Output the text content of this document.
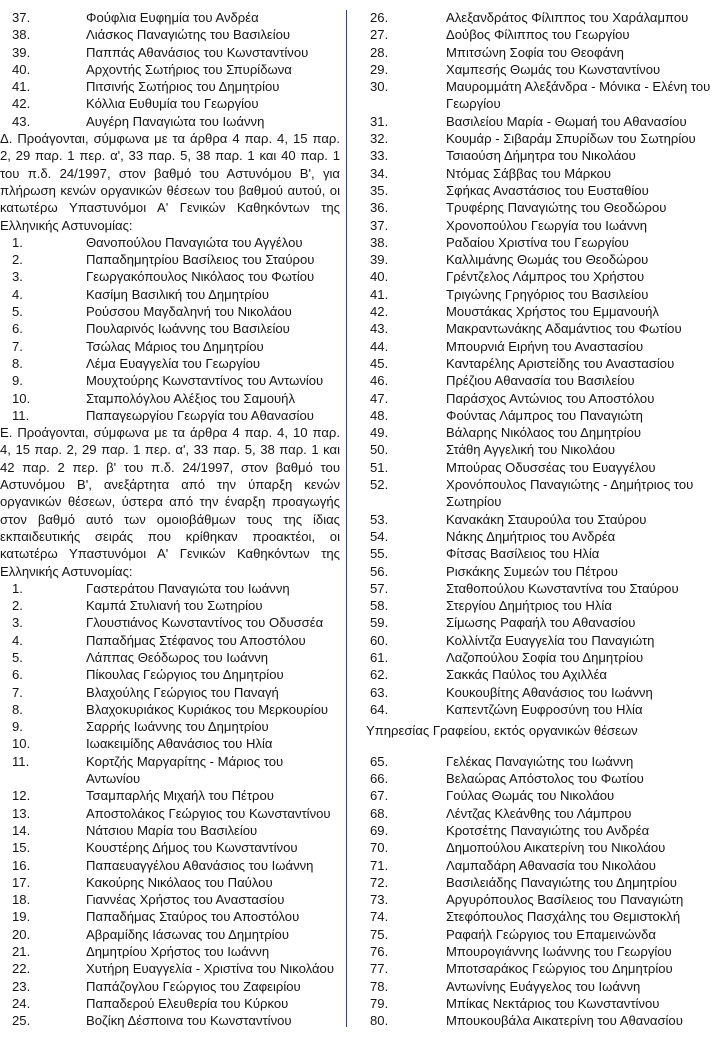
37.	Φούφλια Ευφημία του Ανδρέα
38.	Λιάσκος Παναγιώτης του Βασιλείου
39.	Παππάς Αθανάσιος του Κωνσταντίνου
40.	Αρχοντής Σωτήριος του Σπυρίδωνα
41.	Πιτσινής Σωτήριος του Δημητρίου
42.	Κόλλια Ευθυμία του Γεωργίου
43.	Αυγέρη Παναγιώτα του Ιωάννη

Δ. Προάγονται, σύμφωνα με τα άρθρα 4 παρ. 4, 15 παρ. 2, 29 παρ. 1 περ. α', 33 παρ. 5, 38 παρ. 1 και 40 παρ. 1 του π.δ. 24/1997, στον βαθμό του Αστυνόμου Β', για πλήρωση κενών οργανικών θέσεων του βαθμού αυτού, οι κατωτέρω Υπαστυνόμοι Α' Γενικών Καθηκόντων της Ελληνικής Αστυνομίας:

1.	Θανοπούλου Παναγιώτα του Αγγέλου
2.	Παπαδημητρίου Βασίλειος του Σταύρου
3.	Γεωργακόπουλος Νικόλαος του Φωτίου
4.	Κασίμη Βασιλική του Δημητρίου
5.	Ρούσσου Μαγδαληνή του Νικολάου
6.	Πουλαρινός Ιωάννης του Βασιλείου
7.	Τσώλας Μάριος του Δημητρίου
8.	Λέμα Ευαγγελία του Γεωργίου
9.	Μουχτούρης Κωνσταντίνος του Αντωνίου
10.	Σταμπολόγλου Αλέξιος του Σαμουήλ
11.	Παπαγεωργίου Γεωργία του Αθανασίου

Ε. Προάγονται, σύμφωνα με τα άρθρα 4 παρ. 4, 10 παρ. 4, 15 παρ. 2, 29 παρ. 1 περ. α', 33 παρ. 5, 38 παρ. 1 και 42 παρ. 2 περ. β' του π.δ. 24/1997, στον βαθμό του Αστυνόμου Β', ανεξάρτητα από την ύπαρξη κενών οργανικών θέσεων, ύστερα από την έναρξη προαγωγής στον βαθμό αυτό των ομοιοβάθμων τους της ίδιας εκπαιδευτικής σειράς που κρίθηκαν προακτέοι, οι κατωτέρω Υπαστυνόμοι Α' Γενικών Καθηκόντων της Ελληνικής Αστυνομίας:

1.	Γαστεράτου Παναγιώτα του Ιωάννη
2.	Καμπά Στυλιανή του Σωτηρίου
3.	Γλουστιάνος Κωνσταντίνος του Οδυσσέα
4.	Παπαδήμας Στέφανος του Αποστόλου
5.	Λάππας Θεόδωρος του Ιωάννη
6.	Πίκουλας Γεώργιος του Δημητρίου
7.	Βλαχούλης Γεώργιος του Παναγή
8.	Βλαχοκυριάκος Κυριάκος του Μερκουρίου
9.	Σαρρής Ιωάννης του Δημητρίου
10.	Ιωακειμίδης Αθανάσιος του Ηλία
11.	Κορτζής Μαργαρίτης - Μάριος του Αντωνίου
12.	Τσαμπαρλής Μιχαήλ του Πέτρου
13.	Αποστολάκος Γεώργιος του Κωνσταντίνου
14.	Νάτσιου Μαρία του Βασιλείου
15.	Κουστέρης Δήμος του Κωνσταντίνου
16.	Παπαευαγγέλου Αθανάσιος του Ιωάννη
17.	Κακούρης Νικόλαος του Παύλου
18.	Γιαννέας Χρήστος του Αναστασίου
19.	Παπαδήμας Σταύρος του Αποστόλου
20.	Αβραμίδης Ιάσωνας του Δημητρίου
21.	Δημητρίου Χρήστος του Ιωάννη
22.	Χυτήρη Ευαγγελία - Χριστίνα του Νικολάου
23.	Παπάζογλου Γεώργιος του Ζαφειρίου
24.	Παπαδερού Ελευθερία του Κύρκου
25.	Βοζίκη Δέσποινα του Κωνσταντίνου
26.	Αλεξανδράτος Φίλιππος του Χαράλαμπου
27.	Δούβος Φίλιππος του Γεωργίου
28.	Μπιτσώνη Σοφία του Θεοφάνη
29.	Χαμπεσής Θωμάς του Κωνσταντίνου
30.	Μαυρομμάτη Αλεξάνδρα - Μόνικα - Ελένη του Γεωργίου
31.	Βασιλείου Μαρία - Θωμαή του Αθανασίου
32.	Κουμάρ - Σιβαράμ Σπυρίδων του Σωτηρίου
33.	Τσιαούση Δήμητρα του Νικολάου
34.	Ντόμας Σάββας του Μάρκου
35.	Σφήκας Αναστάσιος του Ευσταθίου
36.	Τρυφέρης Παναγιώτης του Θεοδώρου
37.	Χρονοπούλου Γεωργία του Ιωάννη
38.	Ραδαίου Χριστίνα του Γεωργίου
39.	Καλλιμάνης Θωμάς του Θεοδώρου
40.	Γρέντζελος Λάμπρος του Χρήστου
41.	Τριγώνης Γρηγόριος του Βασιλείου
42.	Μουστάκας Χρήστος του Εμμανουήλ
43.	Μακραντωνάκης Αδαμάντιος του Φωτίου
44.	Μπουρνιά Ειρήνη του Αναστασίου
45.	Κανταρέλης Αριστείδης του Αναστασίου
46.	Πρέζιου Αθανασία του Βασιλείου
47.	Παράσχος Αντώνιος του Αποστόλου
48.	Φούντας Λάμπρος του Παναγιώτη
49.	Βάλαρης Νικόλαος του Δημητρίου
50.	Στάθη Αγγελική του Νικολάου
51.	Μπούρας Οδυσσέας του Ευαγγέλου
52.	Χρονόπουλος Παναγιώτης - Δημήτριος του Σωτηρίου
53.	Κανακάκη Σταυρούλα του Σταύρου
54.	Νάκης Δημήτριος του Ανδρέα
55.	Φίτσας Βασίλειος του Ηλία
56.	Ρισκάκης Συμεών του Πέτρου
57.	Σταθοπούλου Κωνσταντίνα του Σταύρου
58.	Στεργίου Δημήτριος του Ηλία
59.	Σίμωσης Ραφαήλ του Αθανασίου
60.	Κολλίντζα Ευαγγελία του Παναγιώτη
61.	Λαζοπούλου Σοφία του Δημητρίου
62.	Σακκάς Παύλος του Αχιλλέα
63.	Κουκουβίτης Αθανάσιος του Ιωάννη
64.	Καπεντζώνη Ευφροσύνη του Ηλία
Υπηρεσίας Γραφείου, εκτός οργανικών θέσεων
65.	Γελέκας Παναγιώτης του Ιωάννη
66.	Βελαώρας Απόστολος του Φωτίου
67.	Γούλας Θωμάς του Νικολάου
68.	Λέντζας Κλεάνθης του Λάμπρου
69.	Κροτσέτης Παναγιώτης του Ανδρέα
70.	Δημοπούλου Αικατερίνη του Νικολάου
71.	Λαμπαδάρη Αθανασία του Νικολάου
72.	Βασιλειάδης Παναγιώτης του Δημητρίου
73.	Αργυρόπουλος Βασίλειος του Παναγιώτη
74.	Στεφόπουλος Πασχάλης του Θεμιστοκλή
75.	Ραφαήλ Γεώργιος του Επαμεινώνδα
76.	Μπουρογιάννης Ιωάννης του Γεωργίου
77.	Μποτσαράκος Γεώργιος του Δημητρίου
78.	Αντωνίνης Ευάγγελος του Ιωάννη
79.	Μπίκας Νεκτάριος του Κωνσταντίνου
80.	Μπουκουβάλα Αικατερίνη του Αθανασίου
